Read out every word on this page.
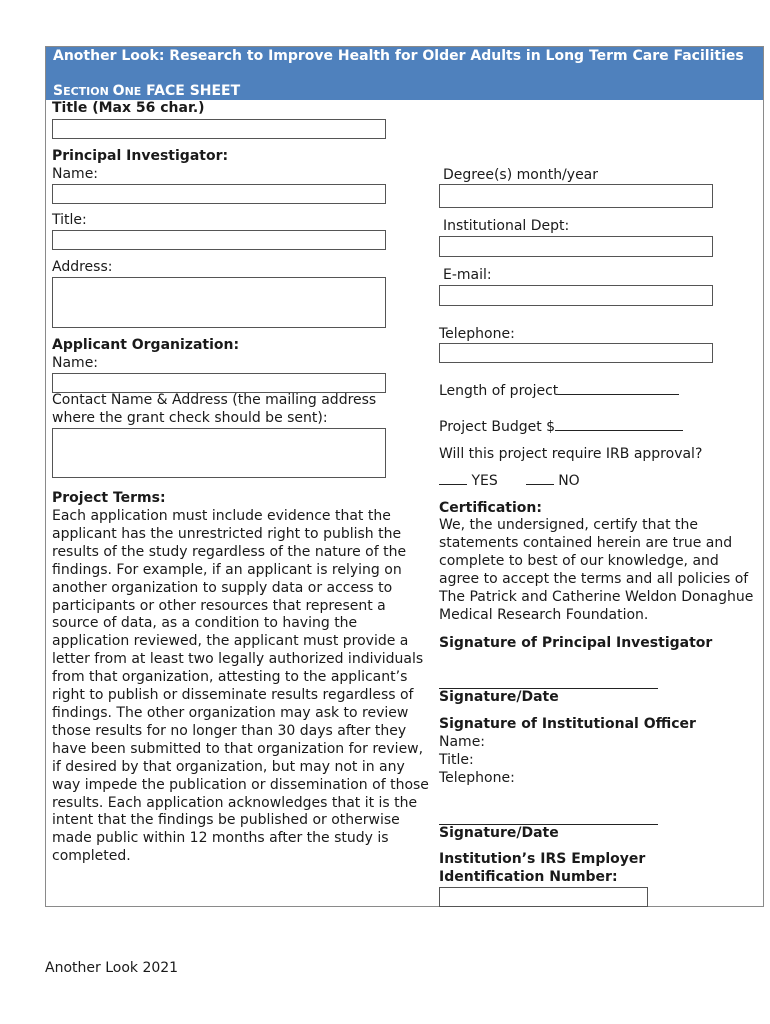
Another Look: Research to Improve Health for Older Adults in Long Term Care Facilities
SECTION ONE FACE SHEET
Title (Max 56 char.)
Principal Investigator:
Name:
Title:
Address:
Applicant Organization:
Name:
Contact Name & Address (the mailing address where the grant check should be sent):
Project Terms:
Each application must include evidence that the applicant has the unrestricted right to publish the results of the study regardless of the nature of the findings. For example, if an applicant is relying on another organization to supply data or access to participants or other resources that represent a source of data, as a condition to having the application reviewed, the applicant must provide a letter from at least two legally authorized individuals from that organization, attesting to the applicant’s right to publish or disseminate results regardless of findings. The other organization may ask to review those results for no longer than 30 days after they have been submitted to that organization for review, if desired by that organization, but may not in any way impede the publication or dissemination of those results. Each application acknowledges that it is the intent that the findings be published or otherwise made public within 12 months after the study is completed.
Degree(s) month/year
Institutional Dept:
E-mail:
Telephone:
Length of project
Project Budget $
Will this project require IRB approval?
YES	NO
Certification:
We, the undersigned, certify that the statements contained herein are true and complete to best of our knowledge, and agree to accept the terms and all policies of The Patrick and Catherine Weldon Donaghue Medical Research Foundation.
Signature of Principal Investigator
Signature/Date
Signature of Institutional Officer
Name:
Title:
Telephone:
Signature/Date
Institution’s IRS Employer Identification Number:
Another Look 2021
